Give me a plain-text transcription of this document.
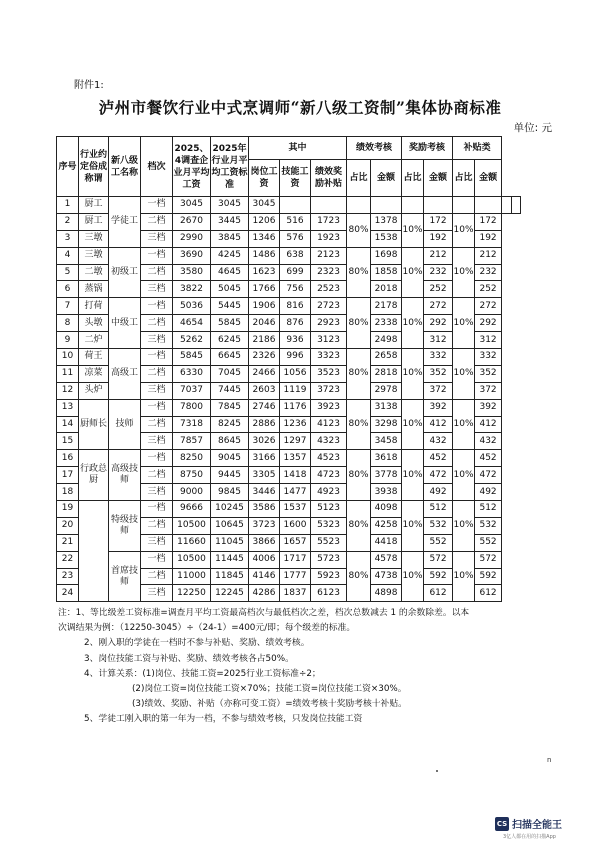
附件1:
泸州市餐饮行业中式烹调师“新八级工资制”集体协商标准
单位: 元
序号	行业约定俗成称谓	新八级工名称	档次	2025、4调查企业月平均工资	2025年行业月平均工资标准	其中			绩效考核		奖励考核		补贴类			
						岗位工资	技能工资	绩效奖励补贴	占比	金额	占比	金额	占比	金额		
1	厨工	学徒工	一档	3045	3045	3045										
2	厨工		二档	2670	3445	1206	516	1723	80%	1378	10%	172	10%	172		
3	三墩		三档	2990	3845	1346	576	1923		1538		192		192		
4	三墩	初级工	一档	3690	4245	1486	638	2123	80%	1698	10%	212	10%	212		
5	二墩		二档	3580	4645	1623	699	2323		1858		232		232		
6	蒸锅		三档	3822	5045	1766	756	2523		2018		252		252		
7	打荷	中级工	一档	5036	5445	1906	816	2723	80%	2178	10%	272	10%	272		
8	头墩		二档	4654	5845	2046	876	2923		2338		292		292		
9	二炉		三档	5262	6245	2186	936	3123		2498		312		312		
10	荷王	高级工	一档	5845	6645	2326	996	3323	80%	2658	10%	332	10%	332		
11	凉菜		二档	6330	7045	2466	1056	3523		2818		352		352		
12	头炉		三档	7037	7445	2603	1119	3723		2978		372		372		
13	厨师长	技师	一档	7800	7845	2746	1176	3923	80%	3138	10%	392	10%	392		
14			二档	7318	8245	2886	1236	4123		3298		412		412		
15			三档	7857	8645	3026	1297	4323		3458		432		432		
16	行政总厨	高级技师	一档	8250	9045	3166	1357	4523	80%	3618	10%	452	10%	452		
17			二档	8750	9445	3305	1418	4723		3778		472		472		
18			三档	9000	9845	3446	1477	4923		3938		492		492		
19		特级技师	一档	9666	10245	3586	1537	5123	80%	4098	10%	512	10%	512		
20			二档	10500	10645	3723	1600	5323		4258		532		532		
21			三档	11660	11045	3866	1657	5523		4418		552		552		
22		首席技师	一档	10500	11445	4006	1717	5723	80%	4578	10%	572	10%	572		
23			二档	11000	11845	4146	1777	5923		4738		592		592		
24			三档	12250	12245	4286	1837	6123		4898		612		612		
注：1、等比级差工资标准=调查月平均工资最高档次与最低档次之差，档次总数减去 1 的余数除差。以本
次调结果为例：（12250-3045）÷（24-1）=400元/即；每个级差的标准。
2、刚入职的学徒在一档时不参与补贴、奖励、绩效考核。
3、岗位技能工资与补贴、奖励、绩效考核各占50%。
4、计算关系：(1)岗位、技能工资=2025行业工资标准÷2；
(2)岗位工资=岗位技能工资×70%；技能工资=岗位技能工资×30%。
(3)绩效、奖励、补贴（亦称可变工资）=绩效考核十奖励考核十补贴。
5、学徒工刚入职的第一年为一档，不参与绩效考核，只发岗位技能工资
n
CS 扫描全能王
3亿人都在用的扫描App
